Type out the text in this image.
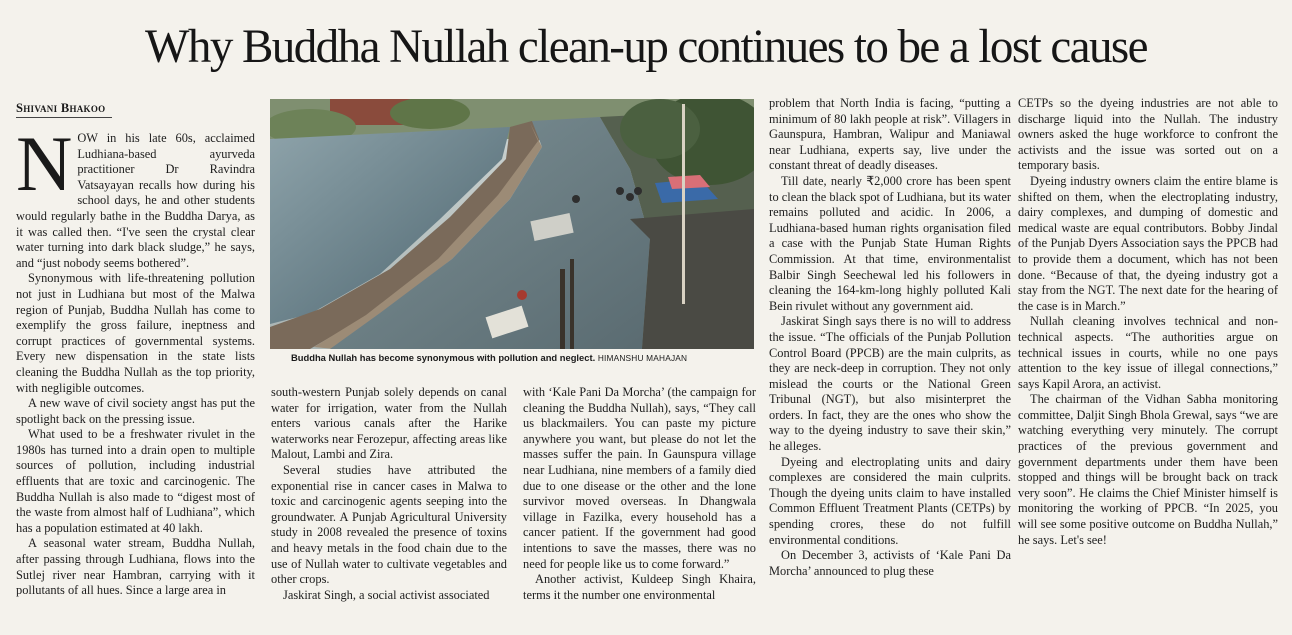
Why Buddha Nullah clean-up continues to be a lost cause
Shivani Bhakoo
N OW in his late 60s, acclaimed Ludhiana-based ayurveda practitioner Dr Ravindra Vatsayayan recalls how during his school days, he and other students would regularly bathe in the Buddha Darya, as it was called then. “I've seen the crystal clear water turning into dark black sludge,” he says, and “just nobody seems bothered”.

Synonymous with life-threatening pollution not just in Ludhiana but most of the Malwa region of Punjab, Buddha Nullah has come to exemplify the gross failure, ineptness and corrupt practices of governmental systems. Every new dispensation in the state lists cleaning the Buddha Nullah as the top priority, with negligible outcomes.

A new wave of civil society angst has put the spotlight back on the pressing issue.

What used to be a freshwater rivulet in the 1980s has turned into a drain open to multiple sources of pollution, including industrial effluents that are toxic and carcinogenic. The Buddha Nullah is also made to “digest most of the waste from almost half of Ludhiana”, which has a population estimated at 40 lakh.

A seasonal water stream, Buddha Nullah, after passing through Ludhiana, flows into the Sutlej river near Hambran, carrying with it pollutants of all hues. Since a large area in

Buddha Nullah has become synonymous with pollution and neglect. HIMANSHU MAHAJAN

south-western Punjab solely depends on canal water for irrigation, water from the Nullah enters various canals after the Harike waterworks near Ferozepur, affecting areas like Malout, Lambi and Zira.

Several studies have attributed the exponential rise in cancer cases in Malwa to toxic and carcinogenic agents seeping into the groundwater. A Punjab Agricultural University study in 2008 revealed the presence of toxins and heavy metals in the food chain due to the use of Nullah water to cultivate vegetables and other crops.

Jaskirat Singh, a social activist associated

with ‘Kale Pani Da Morcha’ (the campaign for cleaning the Buddha Nullah), says, “They call us blackmailers. You can paste my picture anywhere you want, but please do not let the masses suffer the pain. In Gaunspura village near Ludhiana, nine members of a family died due to one disease or the other and the lone survivor moved overseas. In Dhangwala village in Fazilka, every household has a cancer patient. If the government had good intentions to save the masses, there was no need for people like us to come forward.”

Another activist, Kuldeep Singh Khaira, terms it the number one environmental

problem that North India is facing, “putting a minimum of 80 lakh people at risk”. Villagers in Gaunspura, Hambran, Walipur and Maniawal near Ludhiana, experts say, live under the constant threat of deadly diseases.

Till date, nearly ₹2,000 crore has been spent to clean the black spot of Ludhiana, but its water remains polluted and acidic. In 2006, a Ludhiana-based human rights organisation filed a case with the Punjab State Human Rights Commission. At that time, environmentalist Balbir Singh Seechewal led his followers in cleaning the 164-km-long highly polluted Kali Bein rivulet without any government aid.

Jaskirat Singh says there is no will to address the issue. “The officials of the Punjab Pollution Control Board (PPCB) are the main culprits, as they are neck-deep in corruption. They not only mislead the courts or the National Green Tribunal (NGT), but also misinterpret the orders. In fact, they are the ones who show the way to the dyeing industry to save their skin,” he alleges.

Dyeing and electroplating units and dairy complexes are considered the main culprits. Though the dyeing units claim to have installed Common Effluent Treatment Plants (CETPs) by spending crores, these do not fulfill environmental conditions.

On December 3, activists of ‘Kale Pani Da Morcha’ announced to plug these

CETPs so the dyeing industries are not able to discharge liquid into the Nullah. The industry owners asked the huge workforce to confront the activists and the issue was sorted out on a temporary basis.

Dyeing industry owners claim the entire blame is shifted on them, when the electroplating industry, dairy complexes, and dumping of domestic and medical waste are equal contributors. Bobby Jindal of the Punjab Dyers Association says the PPCB had to provide them a document, which has not been done. “Because of that, the dyeing industry got a stay from the NGT. The next date for the hearing of the case is in March.”

Nullah cleaning involves technical and non-technical aspects. “The authorities argue on technical issues in courts, while no one pays attention to the key issue of illegal connections,” says Kapil Arora, an activist.

The chairman of the Vidhan Sabha monitoring committee, Daljit Singh Bhola Grewal, says “we are watching everything very minutely. The corrupt practices of the previous government and government departments under them have been stopped and things will be brought back on track very soon”. He claims the Chief Minister himself is monitoring the working of PPCB. “In 2025, you will see some positive outcome on Buddha Nullah,” he says. Let's see!
